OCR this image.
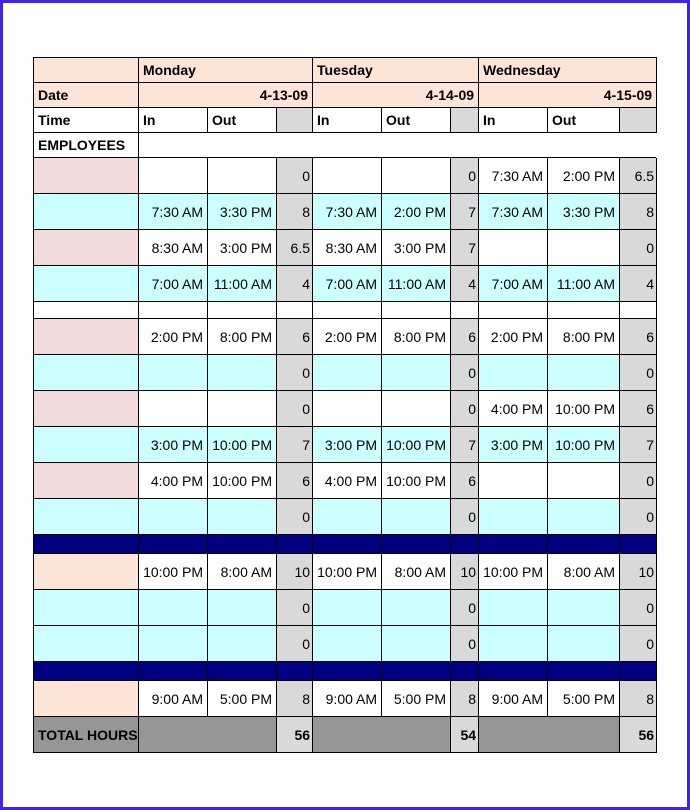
	Monday			Tuesday			Wednesday		
Date	4-13-09			4-14-09			4-15-09		
Time	In	Out		In	Out		In	Out	
EMPLOYEES									
			0			0	7:30 AM	2:00 PM	6.5
	7:30 AM	3:30 PM	8	7:30 AM	2:00 PM	7	7:30 AM	3:30 PM	8
	8:30 AM	3:00 PM	6.5	8:30 AM	3:00 PM	7			0
	7:00 AM	11:00 AM	4	7:00 AM	11:00 AM	4	7:00 AM	11:00 AM	4

	2:00 PM	8:00 PM	6	2:00 PM	8:00 PM	6	2:00 PM	8:00 PM	6
			0			0			0
			0			0	4:00 PM	10:00 PM	6
	3:00 PM	10:00 PM	7	3:00 PM	10:00 PM	7	3:00 PM	10:00 PM	7
	4:00 PM	10:00 PM	6	4:00 PM	10:00 PM	6			0
			0			0			0

	10:00 PM	8:00 AM	10	10:00 PM	8:00 AM	10	10:00 PM	8:00 AM	10
			0			0			0
			0			0			0

	9:00 AM	5:00 PM	8	9:00 AM	5:00 PM	8	9:00 AM	5:00 PM	8
TOTAL HOURS			56			54			56
